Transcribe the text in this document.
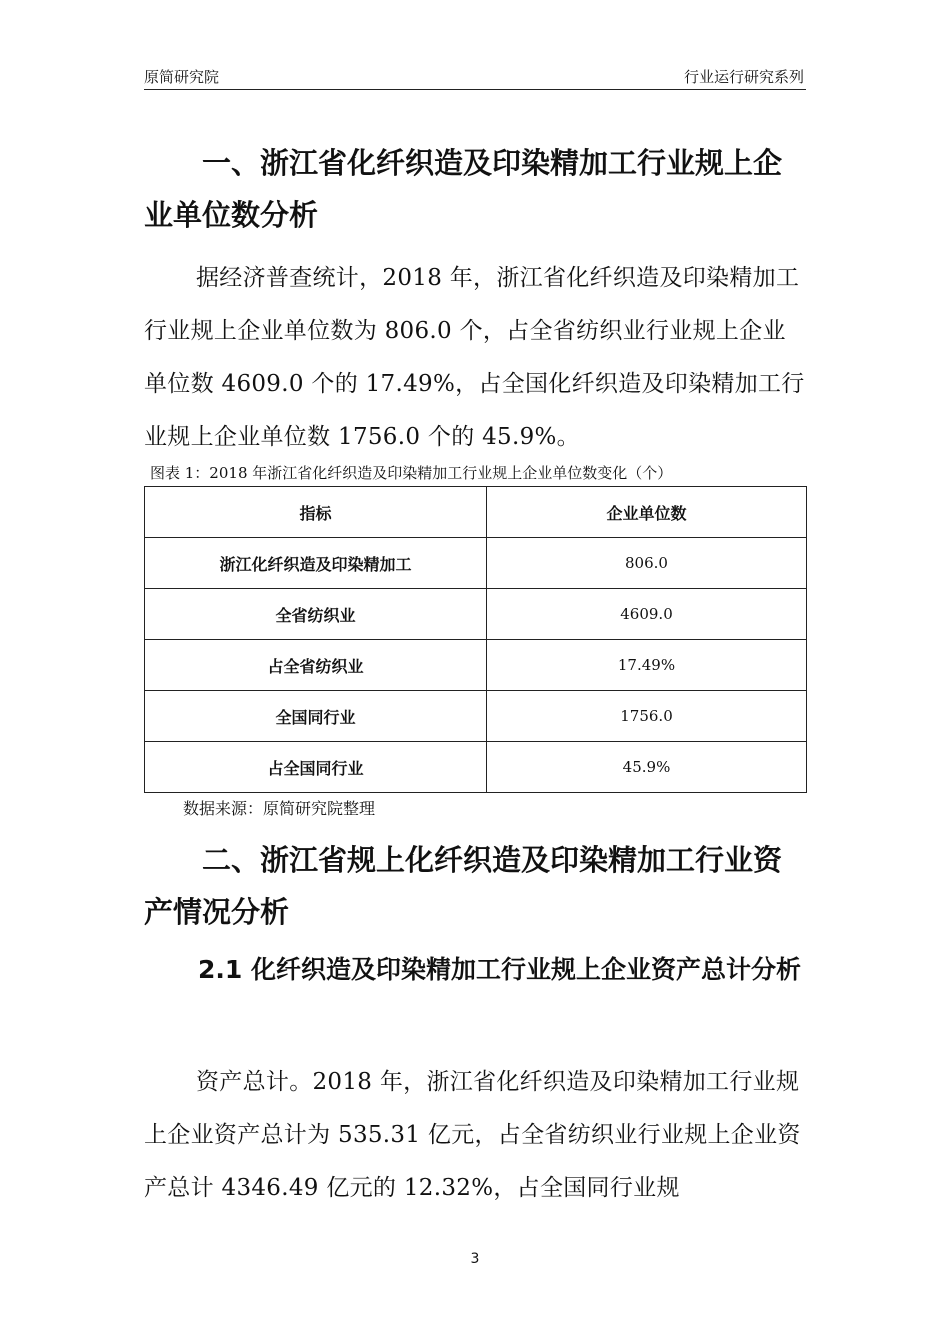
原简研究院	行业运行研究系列
一、浙江省化纤织造及印染精加工行业规上企业单位数分析

据经济普查统计，2018 年，浙江省化纤织造及印染精加工行业规上企业单位数为 806.0 个，占全省纺织业行业规上企业单位数 4609.0 个的 17.49%，占全国化纤织造及印染精加工行业规上企业单位数 1756.0 个的 45.9%。

图表 1：2018 年浙江省化纤织造及印染精加工行业规上企业单位数变化（个）
指标	企业单位数
浙江化纤织造及印染精加工	806.0
全省纺织业	4609.0
占全省纺织业	17.49%
全国同行业	1756.0
占全国同行业	45.9%
数据来源：原简研究院整理
二、浙江省规上化纤织造及印染精加工行业资产情况分析
2.1 化纤织造及印染精加工行业规上企业资产总计分析

资产总计。2018 年，浙江省化纤织造及印染精加工行业规上企业资产总计为 535.31 亿元，占全省纺织业行业规上企业资产总计 4346.49 亿元的 12.32%，占全国同行业规

3
